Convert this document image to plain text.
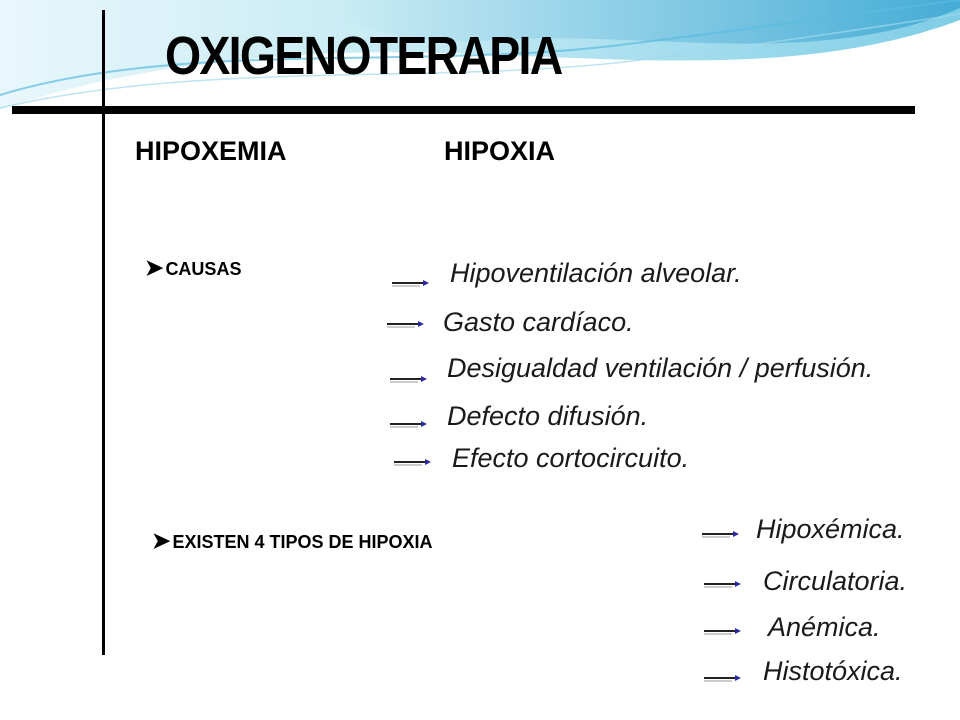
OXIGENOTERAPIA
HIPOXEMIA	HIPOXIA
➤ CAUSAS	Hipoventilación alveolar.
Gasto cardíaco.
Desigualdad ventilación / perfusión.
Defecto difusión.
Efecto cortocircuito.
➤ EXISTEN 4 TIPOS DE HIPOXIA	Hipoxémica.
Circulatoria.
Anémica.
Histotóxica.
